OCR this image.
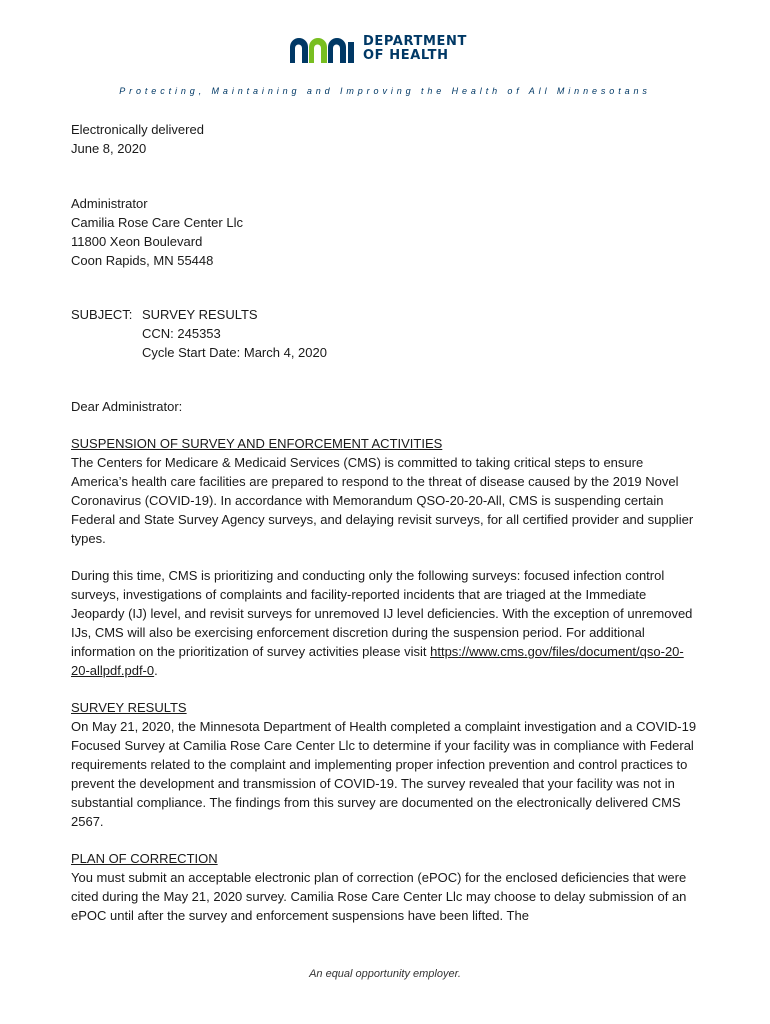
DEPARTMENT
OF HEALTH
Protecting, Maintaining and Improving the Health of All Minnesotans

Electronically delivered

June 8, 2020

Administrator

Camilia Rose Care Center Llc

11800 Xeon Boulevard

Coon Rapids, MN 55448

SUBJECT: SURVEY RESULTS

CCN: 245353

Cycle Start Date: March 4, 2020

Dear Administrator:

SUSPENSION OF SURVEY AND ENFORCEMENT ACTIVITIES

The Centers for Medicare & Medicaid Services (CMS) is committed to taking critical steps to ensure America’s health care facilities are prepared to respond to the threat of disease caused by the 2019 Novel Coronavirus (COVID-19). In accordance with Memorandum QSO-20-20-All, CMS is suspending certain Federal and State Survey Agency surveys, and delaying revisit surveys, for all certified provider and supplier types.

During this time, CMS is prioritizing and conducting only the following surveys: focused infection control surveys, investigations of complaints and facility-reported incidents that are triaged at the Immediate Jeopardy (IJ) level, and revisit surveys for unremoved IJ level deficiencies. With the exception of unremoved IJs, CMS will also be exercising enforcement discretion during the suspension period. For additional information on the prioritization of survey activities please visit https://www.cms.gov/files/document/qso-20-20-allpdf.pdf-0.

SURVEY RESULTS

On May 21, 2020, the Minnesota Department of Health completed a complaint investigation and a COVID-19 Focused Survey at Camilia Rose Care Center Llc to determine if your facility was in compliance with Federal requirements related to the complaint and implementing proper infection prevention and control practices to prevent the development and transmission of COVID-19. The survey revealed that your facility was not in substantial compliance. The findings from this survey are documented on the electronically delivered CMS 2567.

PLAN OF CORRECTION

You must submit an acceptable electronic plan of correction (ePOC) for the enclosed deficiencies that were cited during the May 21, 2020 survey. Camilia Rose Care Center Llc may choose to delay submission of an ePOC until after the survey and enforcement suspensions have been lifted. The

An equal opportunity employer.
